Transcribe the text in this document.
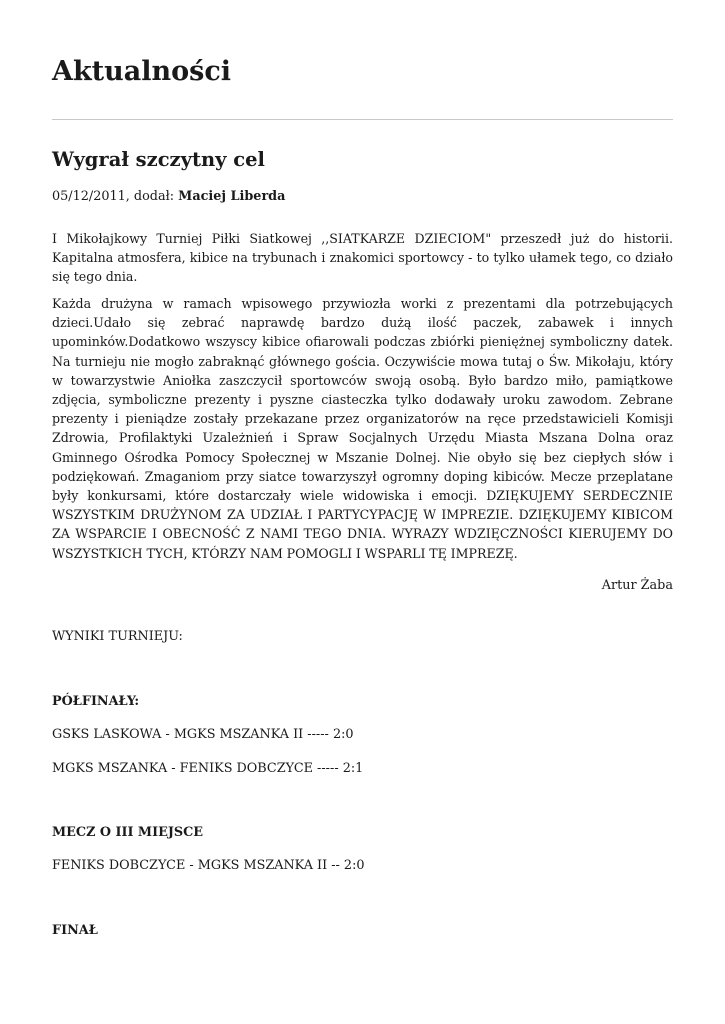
Aktualności
Wygrał szczytny cel
05/12/2011, dodał: Maciej Liberda

I Mikołajkowy Turniej Piłki Siatkowej ,,SIATKARZE DZIECIOM" przeszedł już do historii. Kapitalna atmosfera, kibice na trybunach i znakomici sportowcy - to tylko ułamek tego, co działo się tego dnia.

Każda drużyna w ramach wpisowego przywiozła worki z prezentami dla potrzebujących dzieci.Udało się zebrać naprawdę bardzo dużą ilość paczek, zabawek i innych upominków.Dodatkowo wszyscy kibice ofiarowali podczas zbiórki pieniężnej symboliczny datek. Na turnieju nie mogło zabraknąć głównego gościa. Oczywiście mowa tutaj o Św. Mikołaju, który w towarzystwie Aniołka zaszczycił sportowców swoją osobą. Było bardzo miło, pamiątkowe zdjęcia, symboliczne prezenty i pyszne ciasteczka tylko dodawały uroku zawodom. Zebrane prezenty i pieniądze zostały przekazane przez organizatorów na ręce przedstawicieli Komisji Zdrowia, Profilaktyki Uzależnień i Spraw Socjalnych Urzędu Miasta Mszana Dolna oraz Gminnego Ośrodka Pomocy Społecznej w Mszanie Dolnej. Nie obyło się bez ciepłych słów i podziękowań. Zmaganiom przy siatce towarzyszył ogromny doping kibiców. Mecze przeplatane były konkursami, które dostarczały wiele widowiska i emocji. DZIĘKUJEMY SERDECZNIE WSZYSTKIM DRUŻYNOM ZA UDZIAŁ I PARTYCYPACJĘ W IMPREZIE. DZIĘKUJEMY KIBICOM ZA WSPARCIE I OBECNOŚĆ Z NAMI TEGO DNIA. WYRAZY WDZIĘCZNOŚCI KIERUJEMY DO WSZYSTKICH TYCH, KTÓRZY NAM POMOGLI I WSPARLI TĘ IMPREZĘ.

Artur Żaba
WYNIKI TURNIEJU:
PÓŁFINAŁY:
GSKS LASKOWA - MGKS MSZANKA II ----- 2:0
MGKS MSZANKA - FENIKS DOBCZYCE ----- 2:1
MECZ O III MIEJSCE
FENIKS DOBCZYCE - MGKS MSZANKA II -- 2:0
FINAŁ
